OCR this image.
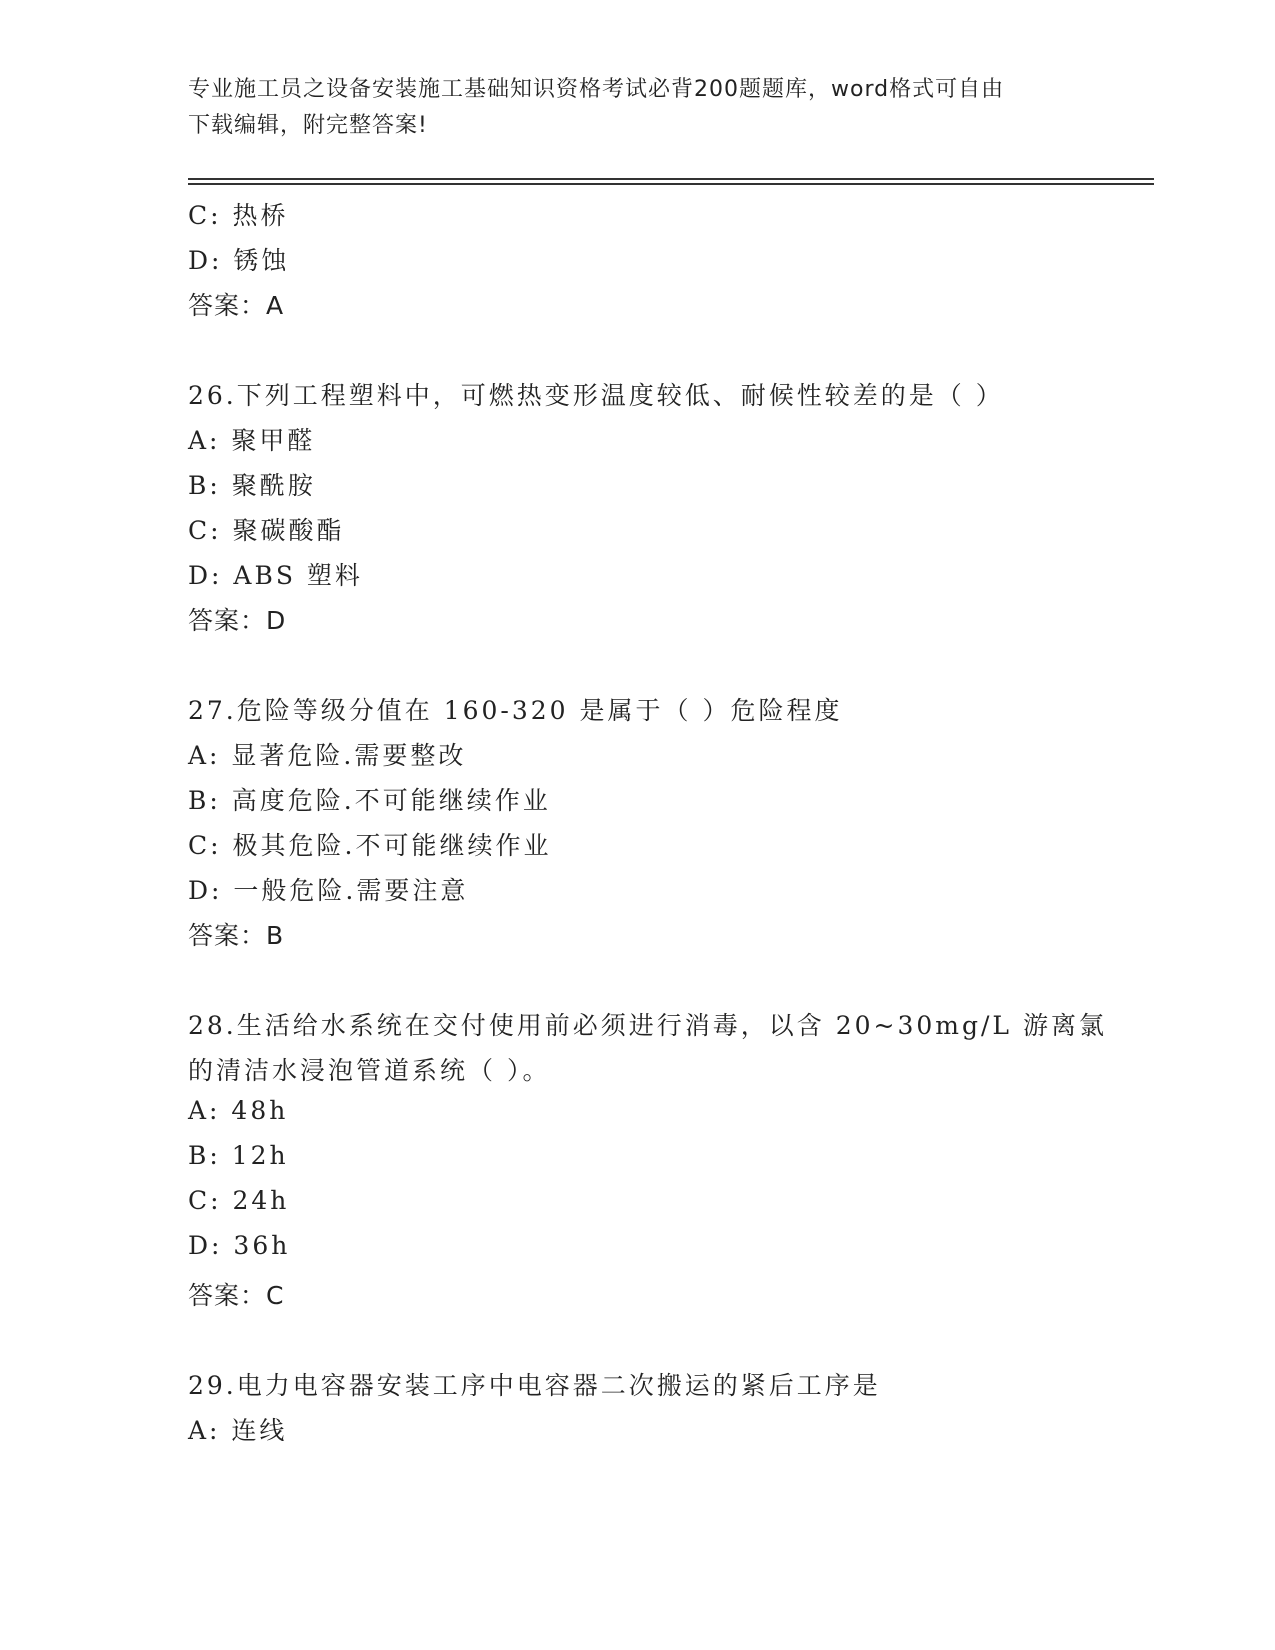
专业施工员之设备安装施工基础知识资格考试必背200题题库，word格式可自由
下载编辑，附完整答案!
C: 热桥
D: 锈蚀
答案：A
26.下列工程塑料中，可燃热变形温度较低、耐候性较差的是（ ）
A: 聚甲醛
B: 聚酰胺
C: 聚碳酸酯
D: ABS 塑料
答案：D
27.危险等级分值在 160-320 是属于（ ）危险程度
A: 显著危险.需要整改
B: 高度危险.不可能继续作业
C: 极其危险.不可能继续作业
D: 一般危险.需要注意
答案：B
28.生活给水系统在交付使用前必须进行消毒，以含 20~30mg/L 游离氯
的清洁水浸泡管道系统（ ）。
A: 48h
B: 12h
C: 24h
D: 36h
答案：C
29.电力电容器安装工序中电容器二次搬运的紧后工序是
A: 连线
